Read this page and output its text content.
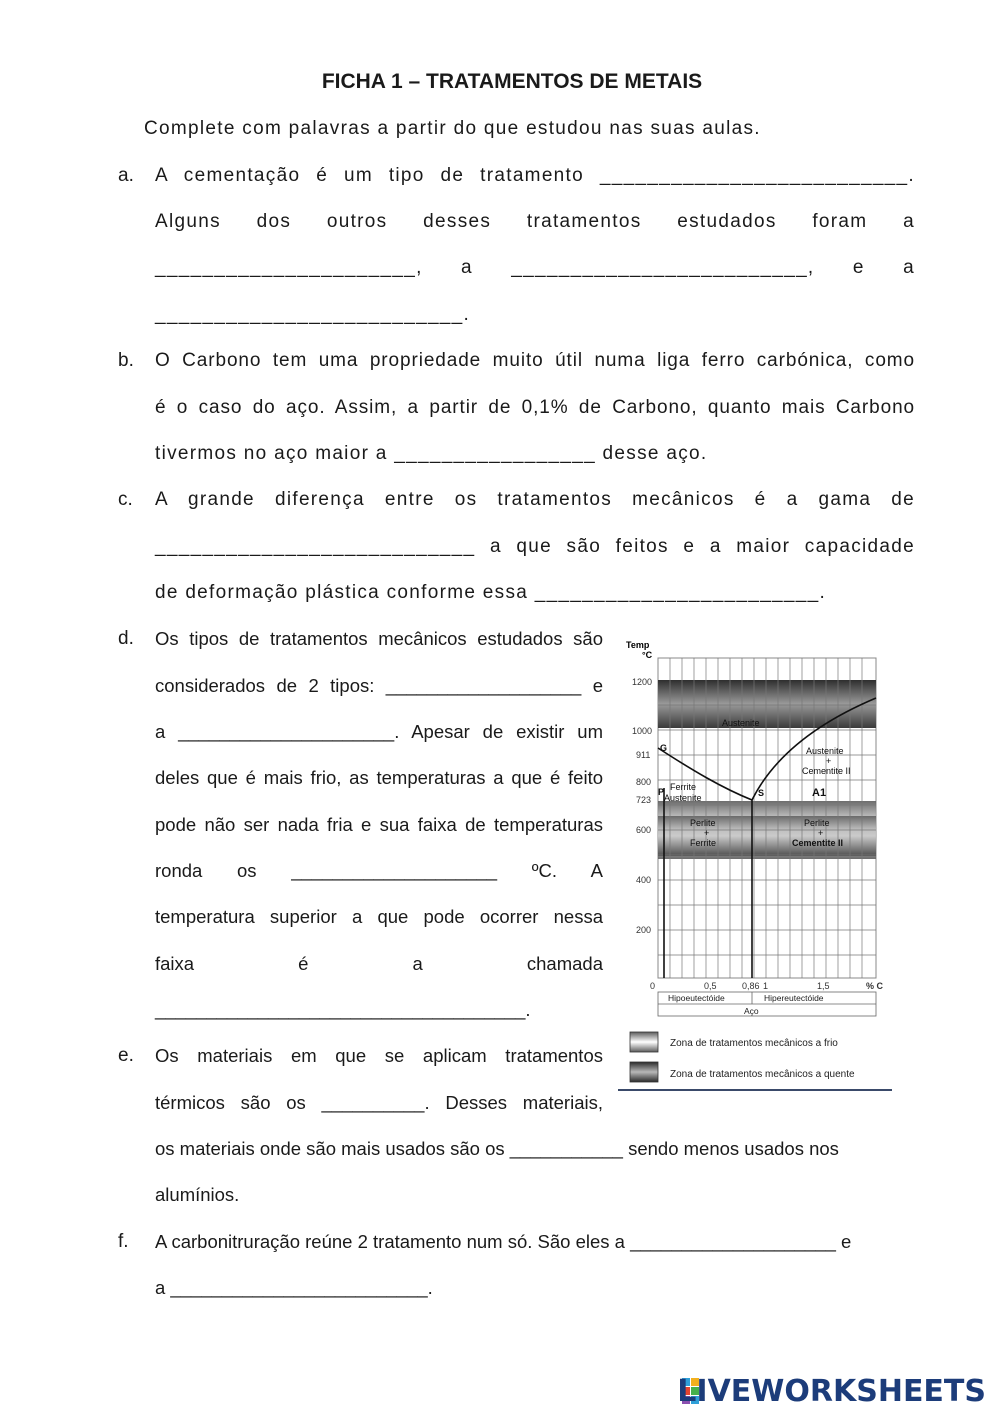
FICHA 1 – TRATAMENTOS DE METAIS
Complete com palavras a partir do que estudou nas suas aulas.
a. A cementação é um tipo de tratamento __________________________.
Alguns dos outros desses tratamentos estudados foram a
______________________, a _________________________, e a
__________________________.
b. O Carbono tem uma propriedade muito útil numa liga ferro carbónica, como
é o caso do aço. Assim, a partir de 0,1% de Carbono, quanto mais Carbono
tivermos no aço maior a _________________ desse aço.
c. A grande diferença entre os tratamentos mecânicos é a gama de
___________________________ a que são feitos e a maior capacidade
de deformação plástica conforme essa ________________________.
d. Os tipos de tratamentos mecânicos estudados são
considerados de 2 tipos: ___________________ e
a _____________________. Apesar de existir um
deles que é mais frio, as temperaturas a que é feito
pode não ser nada fria e sua faixa de temperaturas
ronda os ____________________ ºC. A
temperatura superior a que pode ocorrer nessa
faixa é a chamada
____________________________________.
e. Os materiais em que se aplicam tratamentos
térmicos são os __________. Desses materiais,
os materiais onde são mais usados são os ___________ sendo menos usados nos
alumínios.
f. A carbonitruração reúne 2 tratamento num só. São eles a ____________________ e
a _________________________.
Temp
°C
1200
1000
911
800
723
600
400
200
0	0,5	0,86 1	1,5	% C
Austenite
Austenite
+
Cementite II
Ferrite
Austenite
Perlite
+
Ferrite
Perlite
+
Cementite II
G
P	S	A1
Hipoeutectóide	Hipereutectóide
Aço
Zona de tratamentos mecânicos a frio
Zona de tratamentos mecânicos a quente
LIVEWORKSHEETS
